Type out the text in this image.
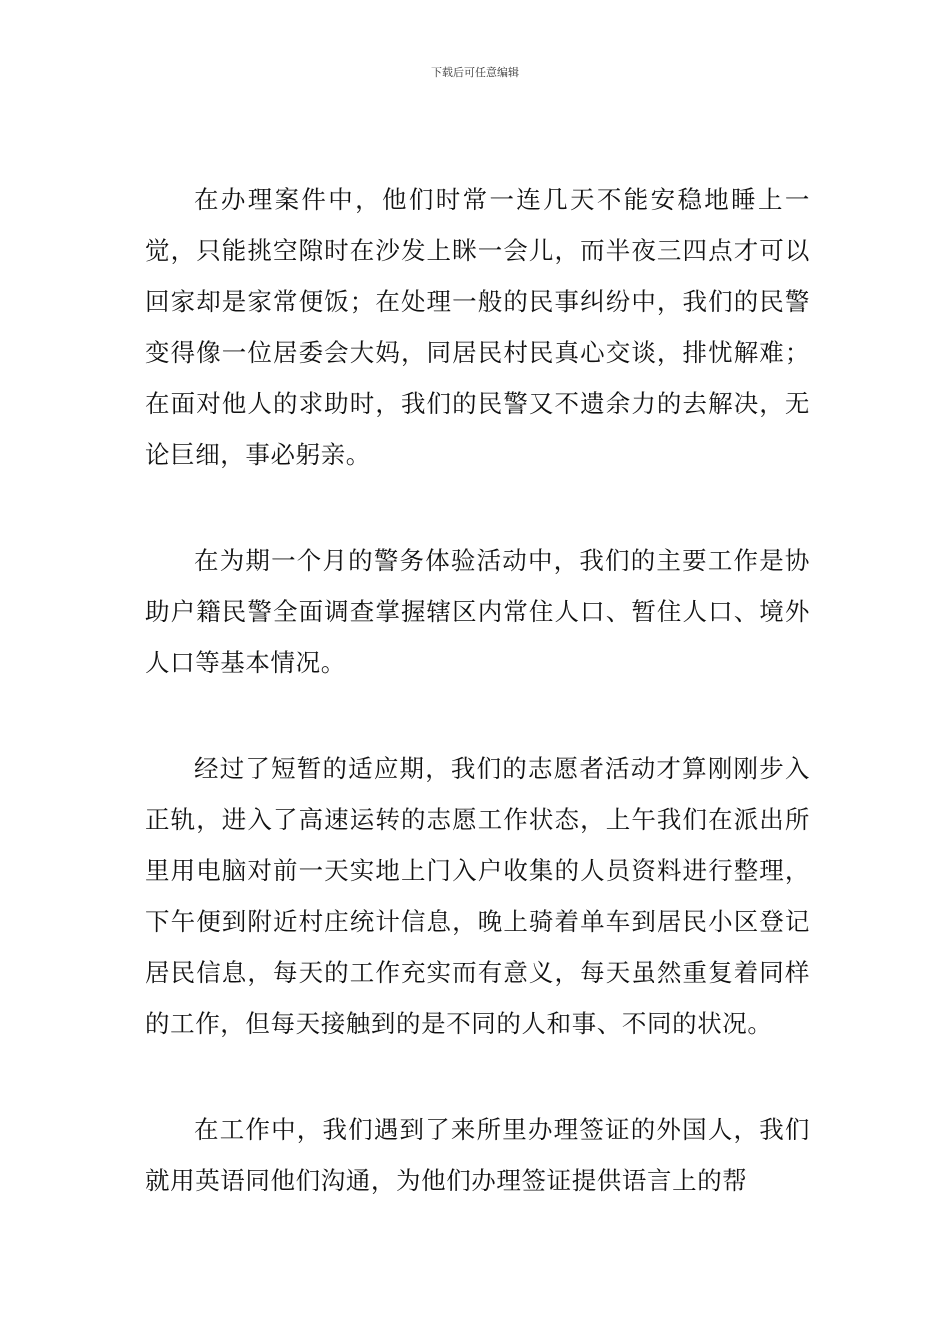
下载后可任意编辑

在办理案件中，他们时常一连几天不能安稳地睡上一觉，只能挑空隙时在沙发上眯一会儿，而半夜三四点才可以回家却是家常便饭；在处理一般的民事纠纷中，我们的民警变得像一位居委会大妈，同居民村民真心交谈，排忧解难；在面对他人的求助时，我们的民警又不遗余力的去解决，无论巨细，事必躬亲。

在为期一个月的警务体验活动中，我们的主要工作是协助户籍民警全面调查掌握辖区内常住人口、暂住人口、境外人口等基本情况。

经过了短暂的适应期，我们的志愿者活动才算刚刚步入正轨，进入了高速运转的志愿工作状态，上午我们在派出所里用电脑对前一天实地上门入户收集的人员资料进行整理，下午便到附近村庄统计信息，晚上骑着单车到居民小区登记居民信息，每天的工作充实而有意义，每天虽然重复着同样的工作，但每天接触到的是不同的人和事、不同的状况。

在工作中，我们遇到了来所里办理签证的外国人，我们就用英语同他们沟通，为他们办理签证提供语言上的帮
